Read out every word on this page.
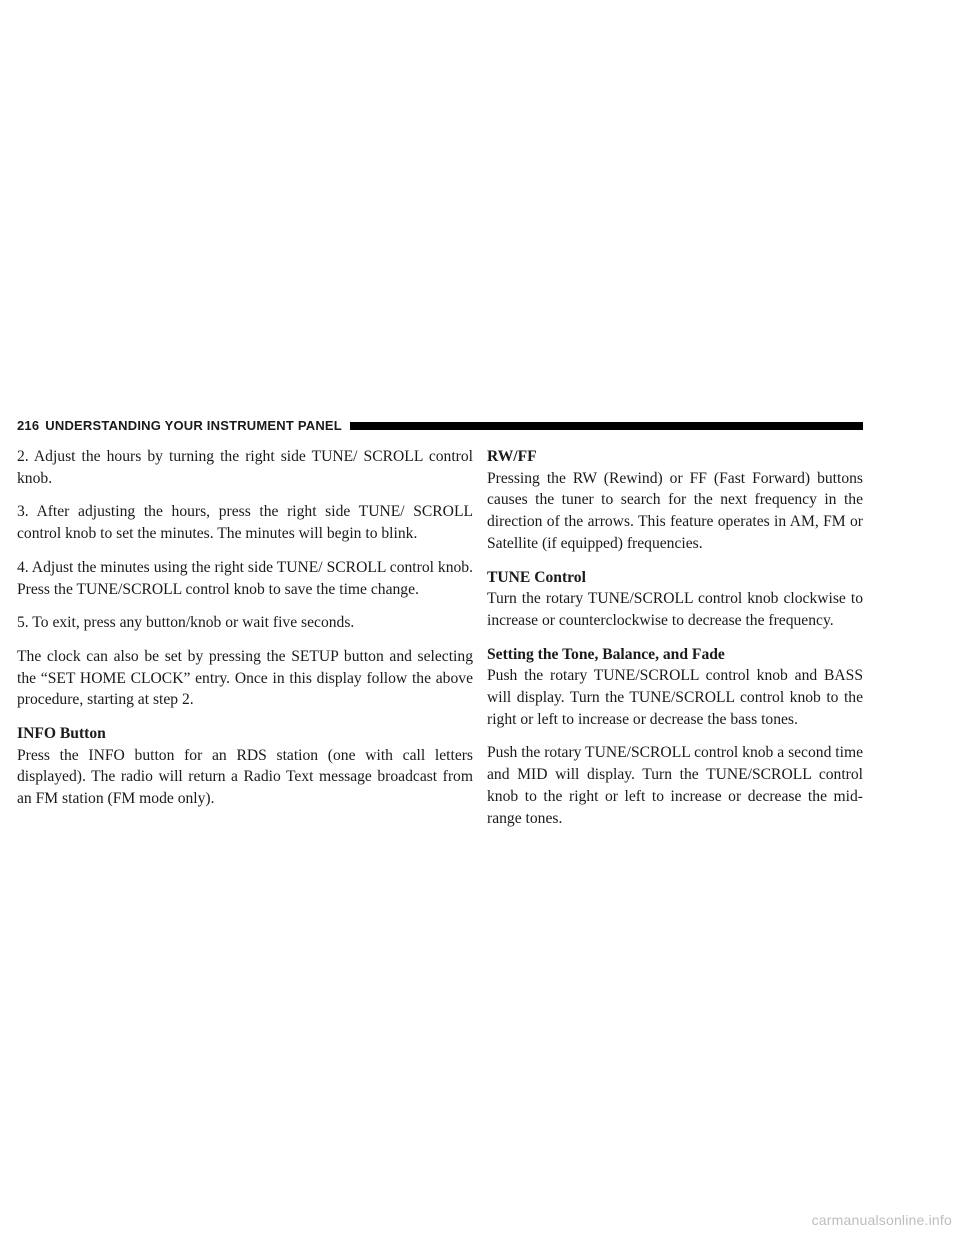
216 UNDERSTANDING YOUR INSTRUMENT PANEL

2. Adjust the hours by turning the right side TUNE/ SCROLL control knob.

3. After adjusting the hours, press the right side TUNE/ SCROLL control knob to set the minutes. The minutes will begin to blink.

4. Adjust the minutes using the right side TUNE/ SCROLL control knob. Press the TUNE/SCROLL control knob to save the time change.

5. To exit, press any button/knob or wait five seconds.

The clock can also be set by pressing the SETUP button and selecting the “SET HOME CLOCK” entry. Once in this display follow the above procedure, starting at step 2.

INFO Button

Press the INFO button for an RDS station (one with call letters displayed). The radio will return a Radio Text message broadcast from an FM station (FM mode only).

RW/FF

Pressing the RW (Rewind) or FF (Fast Forward) buttons causes the tuner to search for the next frequency in the direction of the arrows. This feature operates in AM, FM or Satellite (if equipped) frequencies.

TUNE Control

Turn the rotary TUNE/SCROLL control knob clockwise to increase or counterclockwise to decrease the frequency.

Setting the Tone, Balance, and Fade

Push the rotary TUNE/SCROLL control knob and BASS will display. Turn the TUNE/SCROLL control knob to the right or left to increase or decrease the bass tones.

Push the rotary TUNE/SCROLL control knob a second time and MID will display. Turn the TUNE/SCROLL control knob to the right or left to increase or decrease the mid-range tones.

carmanualsonline.info
